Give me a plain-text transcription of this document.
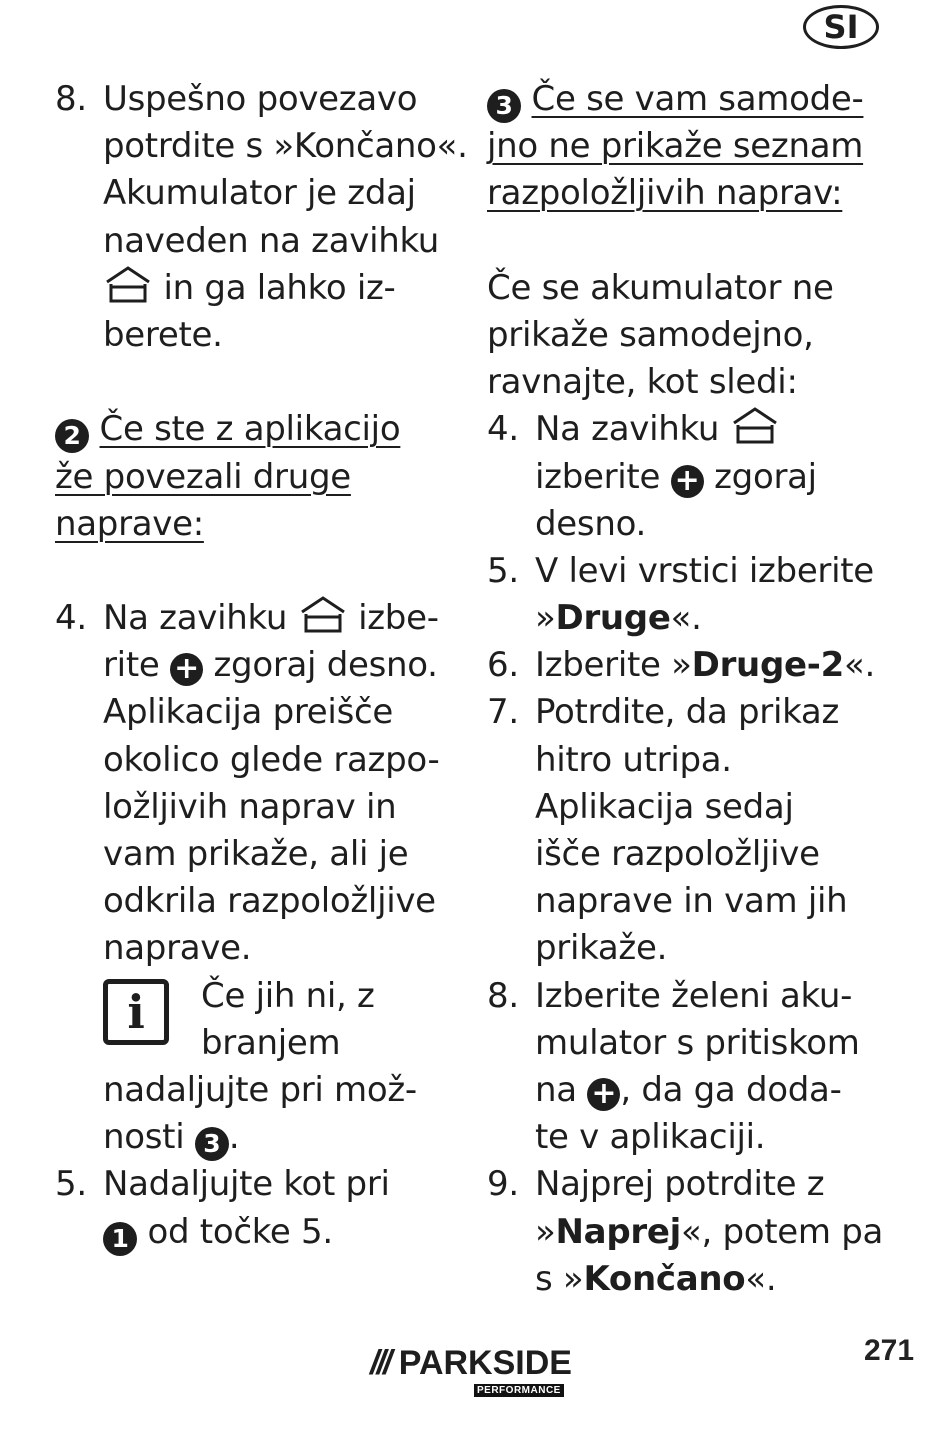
SI
8. Uspešno povezavo
potrdite s »Končano«.
Akumulator je zdaj
naveden na zavihku
in ga lahko iz-
berete.
2 Če ste z aplikacijo
že povezali druge
naprave:
4. Na zavihku izbe-
rite + zgoraj desno.
Aplikacija preišče
okolico glede razpo-
ložljivih naprav in
vam prikaže, ali je
odkrila razpoložljive
naprave.
i	Če jih ni, z
branjem
nadaljujte pri mož-
nosti 3 .
5. Nadaljujte kot pri
1 od točke 5.
3 Če se vam samode-
jno ne prikaže seznam
razpoložljivih naprav:
Če se akumulator ne
prikaže samodejno,
ravnajte, kot sledi:
4. Na zavihku
izberite + zgoraj
desno.
5. V levi vrstici izberite
»Druge«.
6. Izberite »Druge-2«.
7. Potrdite, da prikaz
hitro utripa.
Aplikacija sedaj
išče razpoložljive
naprave in vam jih
prikaže.
8. Izberite želeni aku-
mulator s pritiskom
na + , da ga doda-
te v aplikaciji.
9. Najprej potrdite z
»Naprej«, potem pa
s »Končano«.
/// PARKSIDE
PERFORMANCE
271
